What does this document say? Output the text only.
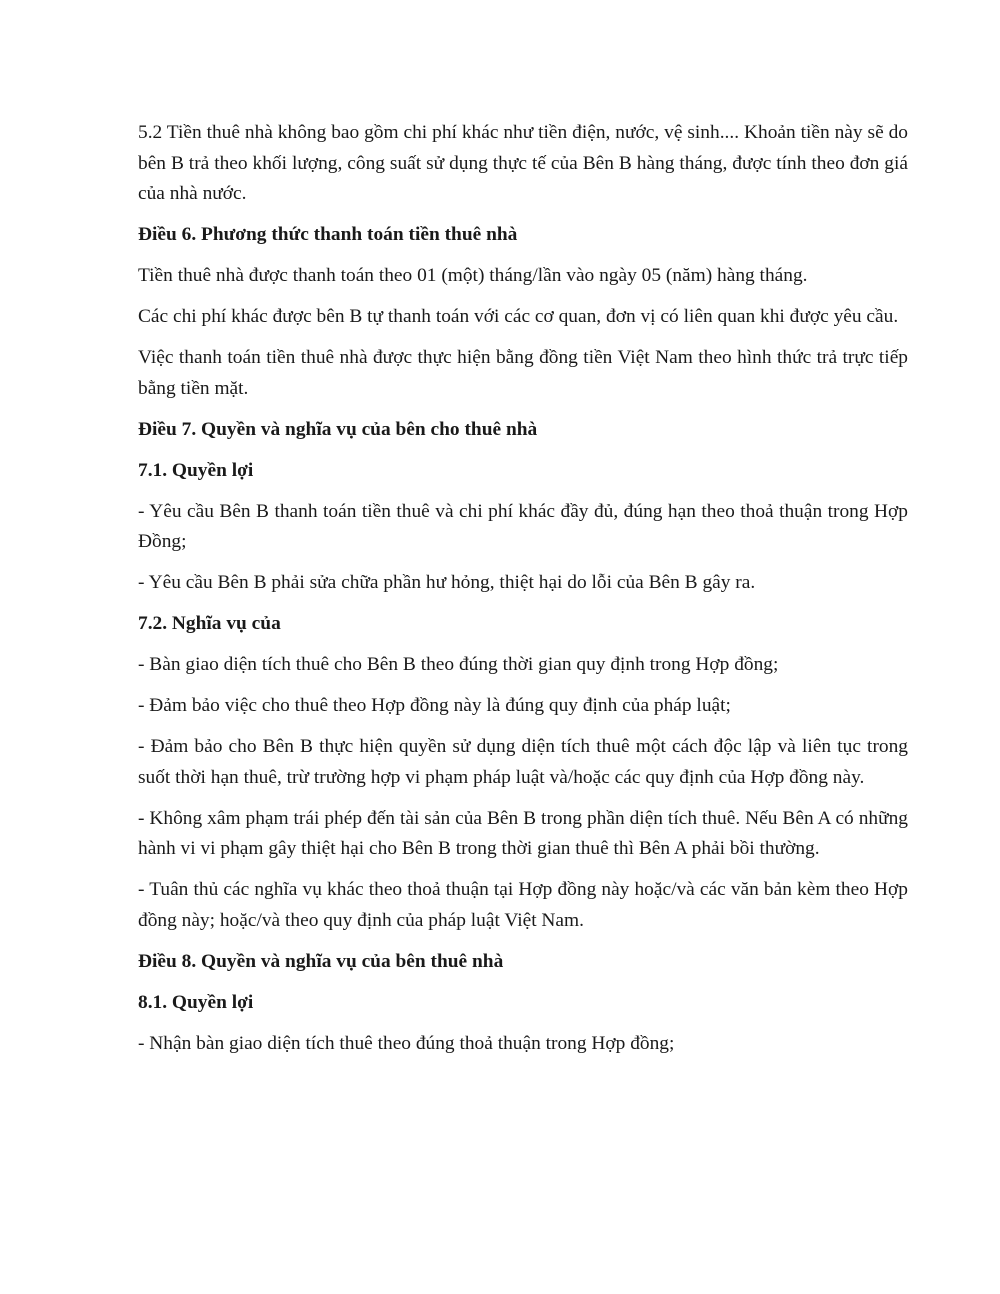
5.2 Tiền thuê nhà không bao gồm chi phí khác như tiền điện, nước, vệ sinh.... Khoản tiền này sẽ do bên B trả theo khối lượng, công suất sử dụng thực tế của Bên B hàng tháng, được tính theo đơn giá của nhà nước.

Điều 6. Phương thức thanh toán tiền thuê nhà

Tiền thuê nhà được thanh toán theo 01 (một) tháng/lần vào ngày 05 (năm) hàng tháng.

Các chi phí khác được bên B tự thanh toán với các cơ quan, đơn vị có liên quan khi được yêu cầu.

Việc thanh toán tiền thuê nhà được thực hiện bằng đồng tiền Việt Nam theo hình thức trả trực tiếp bằng tiền mặt.

Điều 7. Quyền và nghĩa vụ của bên cho thuê nhà

7.1. Quyền lợi

- Yêu cầu Bên B thanh toán tiền thuê và chi phí khác đầy đủ, đúng hạn theo thoả thuận trong Hợp Đồng;

- Yêu cầu Bên B phải sửa chữa phần hư hỏng, thiệt hại do lỗi của Bên B gây ra.

7.2. Nghĩa vụ của

- Bàn giao diện tích thuê cho Bên B theo đúng thời gian quy định trong Hợp đồng;

- Đảm bảo việc cho thuê theo Hợp đồng này là đúng quy định của pháp luật;

- Đảm bảo cho Bên B thực hiện quyền sử dụng diện tích thuê một cách độc lập và liên tục trong suốt thời hạn thuê, trừ trường hợp vi phạm pháp luật và/hoặc các quy định của Hợp đồng này.

- Không xâm phạm trái phép đến tài sản của Bên B trong phần diện tích thuê. Nếu Bên A có những hành vi vi phạm gây thiệt hại cho Bên B trong thời gian thuê thì Bên A phải bồi thường.

- Tuân thủ các nghĩa vụ khác theo thoả thuận tại Hợp đồng này hoặc/và các văn bản kèm theo Hợp đồng này; hoặc/và theo quy định của pháp luật Việt Nam.

Điều 8. Quyền và nghĩa vụ của bên thuê nhà

8.1. Quyền lợi

- Nhận bàn giao diện tích thuê theo đúng thoả thuận trong Hợp đồng;
